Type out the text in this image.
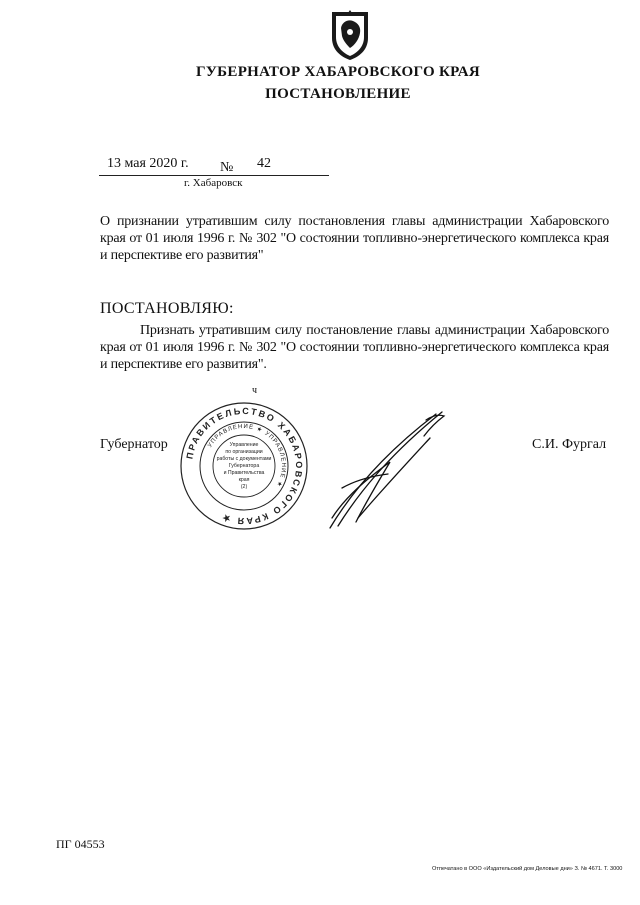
ГУБЕРНАТОР ХАБАРОВСКОГО КРАЯ
ПОСТАНОВЛЕНИЕ
13 мая 2020 г. № 42
г. Хабаровск
О признании утратившим силу постановления главы администрации Хабаровского края от 01 июля 1996 г. № 302 "О состоянии топливно-энергетического комплекса края и перспективе его развития"
ПОСТАНОВЛЯЮ:
Признать утратившим силу постановление главы администрации Хабаровского края от 01 июля 1996 г. № 302 "О состоянии топливно-энергетического комплекса края и перспективе его развития".
ч
Губернатор	С.И. Фургал
ПРАВИТЕЛЬСТВО ХАБАРОВСКОГО КРАЯ ★
УПРАВЛЕНИЕ ★ УПРАВЛЕНИЕ ★
Управление
по организации
работы с документами
Губернатора
и Правительства
края
(2)
ПГ 04553
Отпечатано в ООО «Издательский дом Деловые дни» З. № 4671. Т. 3000
